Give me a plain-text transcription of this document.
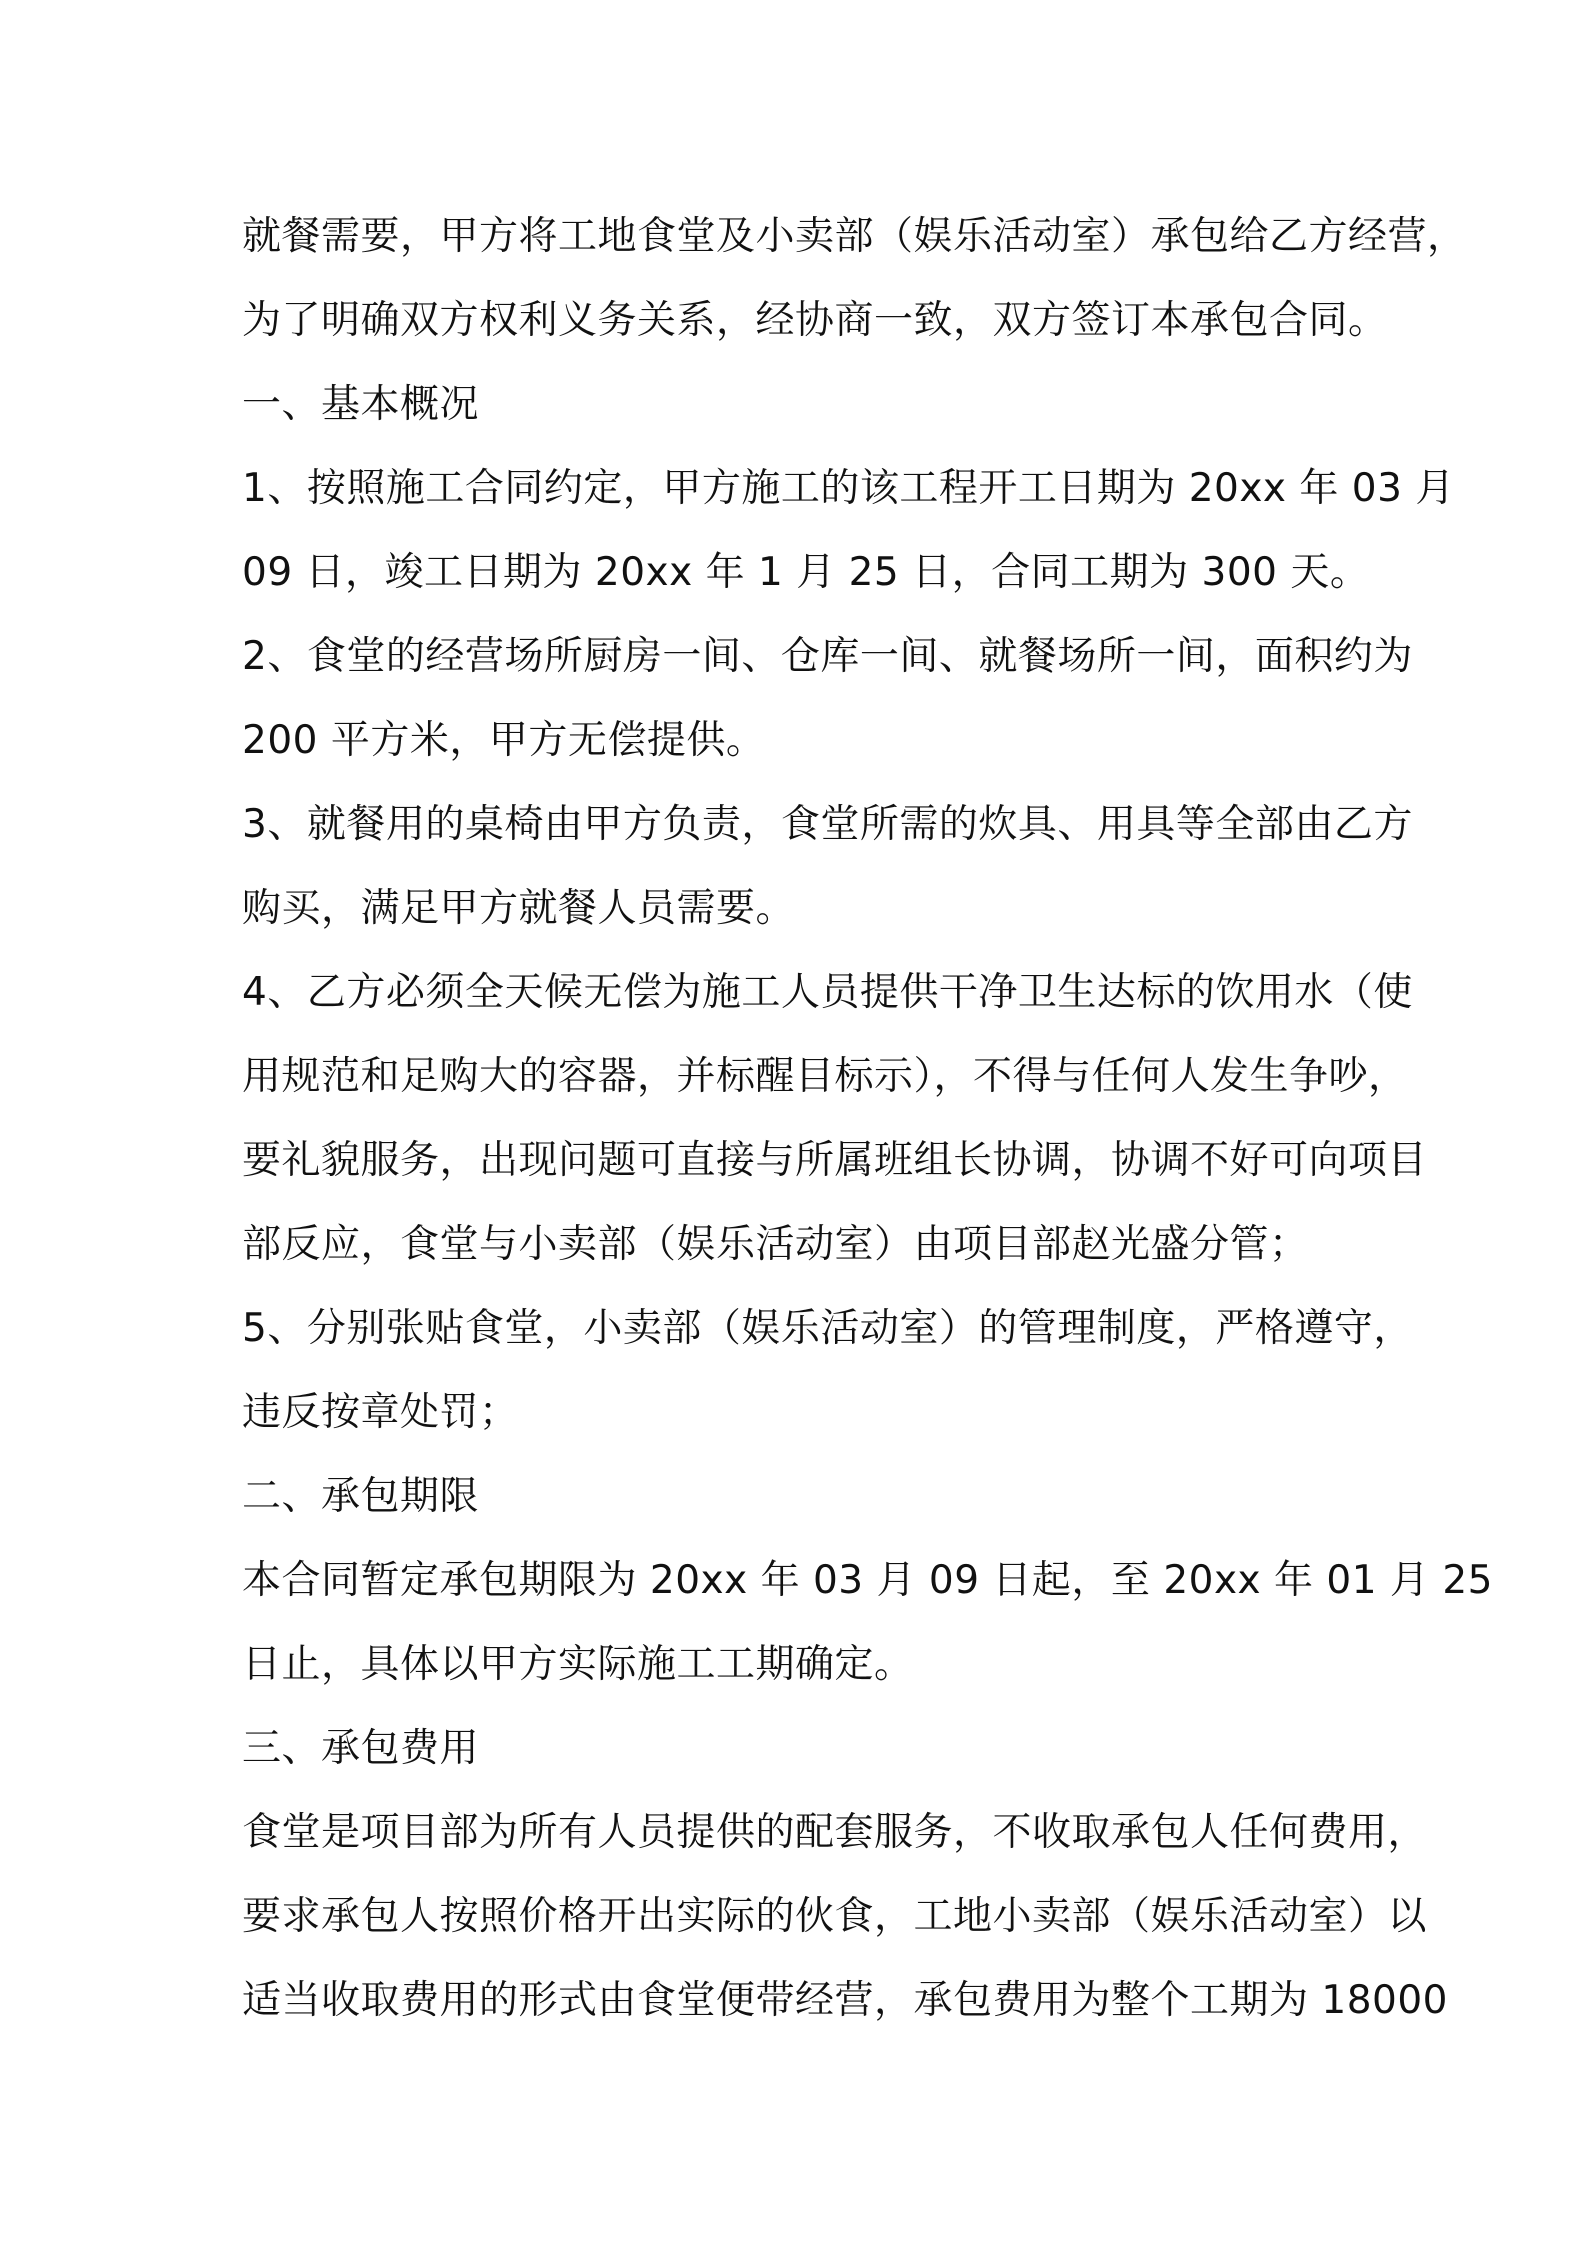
就餐需要，甲方将工地食堂及小卖部（娱乐活动室）承包给乙方经营，
为了明确双方权利义务关系，经协商一致，双方签订本承包合同。
一、基本概况
1、按照施工合同约定，甲方施工的该工程开工日期为 20xx 年 03 月
09 日，竣工日期为 20xx 年 1 月 25 日，合同工期为 300 天。
2、食堂的经营场所厨房一间、仓库一间、就餐场所一间，面积约为
200 平方米，甲方无偿提供。
3、就餐用的桌椅由甲方负责，食堂所需的炊具、用具等全部由乙方
购买，满足甲方就餐人员需要。
4、乙方必须全天候无偿为施工人员提供干净卫生达标的饮用水（使
用规范和足购大的容器，并标醒目标示），不得与任何人发生争吵，
要礼貌服务，出现问题可直接与所属班组长协调，协调不好可向项目
部反应，食堂与小卖部（娱乐活动室）由项目部赵光盛分管；
5、分别张贴食堂，小卖部（娱乐活动室）的管理制度，严格遵守，
违反按章处罚；
二、承包期限
本合同暂定承包期限为 20xx 年 03 月 09 日起，至 20xx 年 01 月 25
日止，具体以甲方实际施工工期确定。
三、承包费用
食堂是项目部为所有人员提供的配套服务，不收取承包人任何费用，
要求承包人按照价格开出实际的伙食，工地小卖部（娱乐活动室）以
适当收取费用的形式由食堂便带经营，承包费用为整个工期为 18000
